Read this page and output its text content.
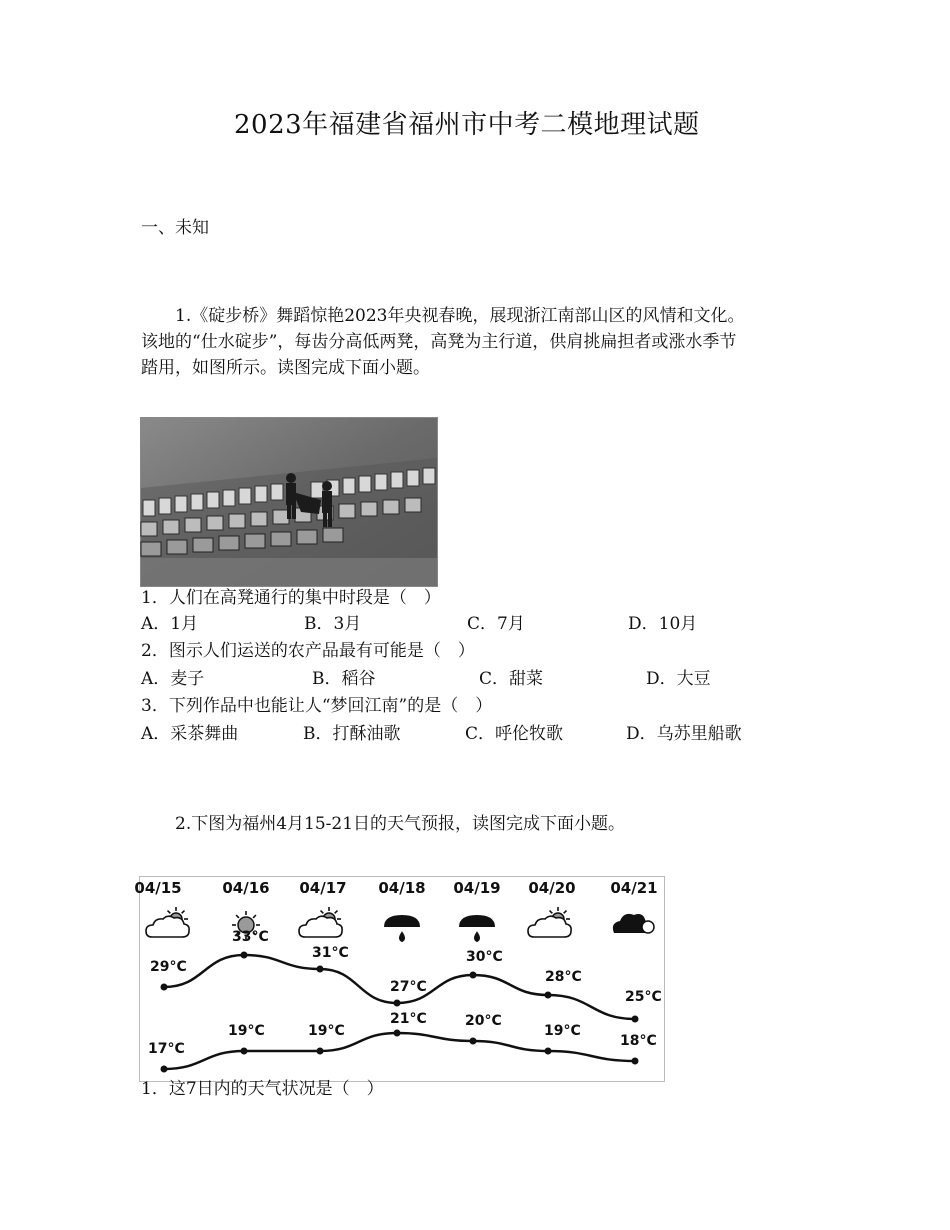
2023年福建省福州市中考二模地理试题
一、未知
1.《碇步桥》舞蹈惊艳2023年央视春晚，展现浙江南部山区的风情和文化。
该地的“仕水碇步”，每齿分高低两凳，高凳为主行道，供肩挑扁担者或涨水季节
踏用，如图所示。读图完成下面小题。
1．人们在高凳通行的集中时段是（　）
A．1月	B．3月	C．7月	D．10月
2．图示人们运送的农产品最有可能是（　）
A．麦子	B．稻谷	C．甜菜	D．大豆
3．下列作品中也能让人“梦回江南”的是（　）
A．采茶舞曲	B．打酥油歌	C．呼伦牧歌	D．乌苏里船歌
2.下图为福州4月15-21日的天气预报，读图完成下面小题。
04/15	04/16 04/17 04/18 04/19 04/20 04/21
29°C
17°C
33°C
19°C
31°C
19°C
27°C
21°C
30°C
20°C
28°C
19°C
25°C
18°C
1．这7日内的天气状况是（　）
